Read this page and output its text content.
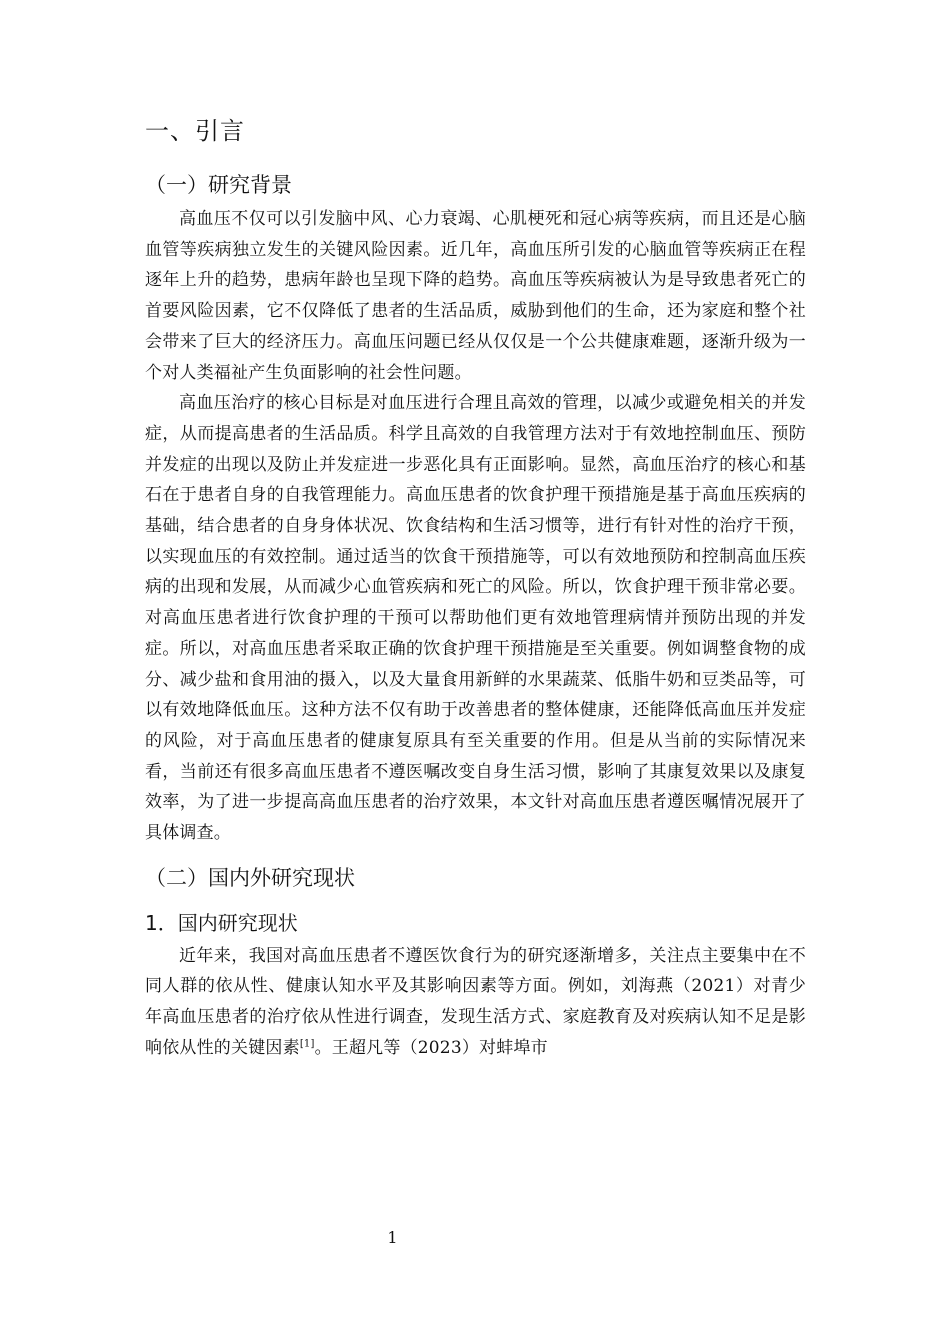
一、引言
（一）研究背景

高血压不仅可以引发脑中风、心力衰竭、心肌梗死和冠心病等疾病，而且还是心脑血管等疾病独立发生的关键风险因素。近几年，高血压所引发的心脑血管等疾病正在程逐年上升的趋势，患病年龄也呈现下降的趋势。高血压等疾病被认为是导致患者死亡的首要风险因素，它不仅降低了患者的生活品质，威胁到他们的生命，还为家庭和整个社会带来了巨大的经济压力。高血压问题已经从仅仅是一个公共健康难题，逐渐升级为一个对人类福祉产生负面影响的社会性问题。

高血压治疗的核心目标是对血压进行合理且高效的管理，以减少或避免相关的并发症，从而提高患者的生活品质。科学且高效的自我管理方法对于有效地控制血压、预防并发症的出现以及防止并发症进一步恶化具有正面影响。显然，高血压治疗的核心和基石在于患者自身的自我管理能力。高血压患者的饮食护理干预措施是基于高血压疾病的基础，结合患者的自身身体状况、饮食结构和生活习惯等，进行有针对性的治疗干预，以实现血压的有效控制。通过适当的饮食干预措施等，可以有效地预防和控制高血压疾病的出现和发展，从而减少心血管疾病和死亡的风险。所以，饮食护理干预非常必要。对高血压患者进行饮食护理的干预可以帮助他们更有效地管理病情并预防出现的并发症。所以，对高血压患者采取正确的饮食护理干预措施是至关重要。例如调整食物的成分、减少盐和食用油的摄入，以及大量食用新鲜的水果蔬菜、低脂牛奶和豆类品等，可以有效地降低血压。这种方法不仅有助于改善患者的整体健康，还能降低高血压并发症的风险，对于高血压患者的健康复原具有至关重要的作用。但是从当前的实际情况来看，当前还有很多高血压患者不遵医嘱改变自身生活习惯，影响了其康复效果以及康复效率，为了进一步提高高血压患者的治疗效果，本文针对高血压患者遵医嘱情况展开了具体调查。

（二）国内外研究现状
1．国内研究现状

近年来，我国对高血压患者不遵医饮食行为的研究逐渐增多，关注点主要集中在不同人群的依从性、健康认知水平及其影响因素等方面。例如，刘海燕（2021）对青少年高血压患者的治疗依从性进行调查，发现生活方式、家庭教育及对疾病认知不足是影响依从性的关键因素[1]。王超凡等（2023）对蚌埠市

1
